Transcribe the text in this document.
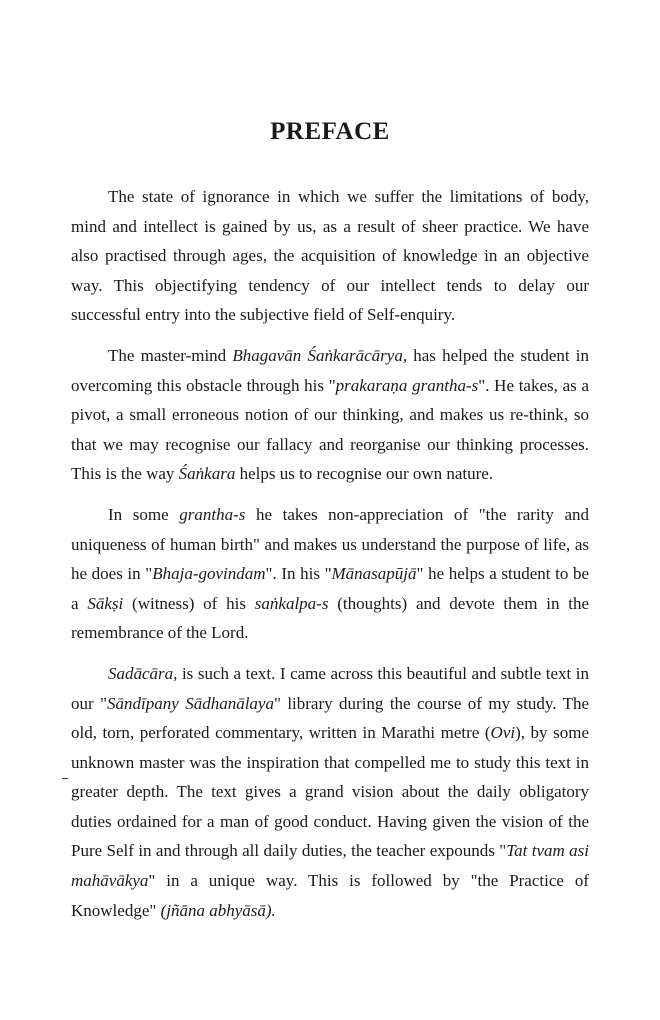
PREFACE

The state of ignorance in which we suffer the limitations of body, mind and intellect is gained by us, as a result of sheer practice. We have also practised through ages, the acquisition of knowledge in an objective way. This objectifying tendency of our intellect tends to delay our successful entry into the subjective field of Self-enquiry.

The master-mind Bhagavān Śaṅkarācārya, has helped the student in overcoming this obstacle through his "prakaraṇa grantha-s". He takes, as a pivot, a small erroneous notion of our thinking, and makes us re-think, so that we may recognise our fallacy and reorganise our thinking processes. This is the way Śaṅkara helps us to recognise our own nature.

In some grantha-s he takes non-appreciation of "the rarity and uniqueness of human birth" and makes us understand the purpose of life, as he does in "Bhaja-govindam". In his "Mānasapūjā" he helps a student to be a Sākṣi (witness) of his saṅkalpa-s (thoughts) and devote them in the remembrance of the Lord.

Sadācāra, is such a text. I came across this beautiful and subtle text in our "Sāndīpany Sādhanālaya" library during the course of my study. The old, torn, perforated commentary, written in Marathi metre (Ovi), by some unknown master was the inspiration that compelled me to study this text in greater depth. The text gives a grand vision about the daily obligatory duties ordained for a man of good conduct. Having given the vision of the Pure Self in and through all daily duties, the teacher expounds "Tat tvam asi mahāvākya" in a unique way. This is followed by "the Practice of Knowledge" (jñāna abhyāsā).
